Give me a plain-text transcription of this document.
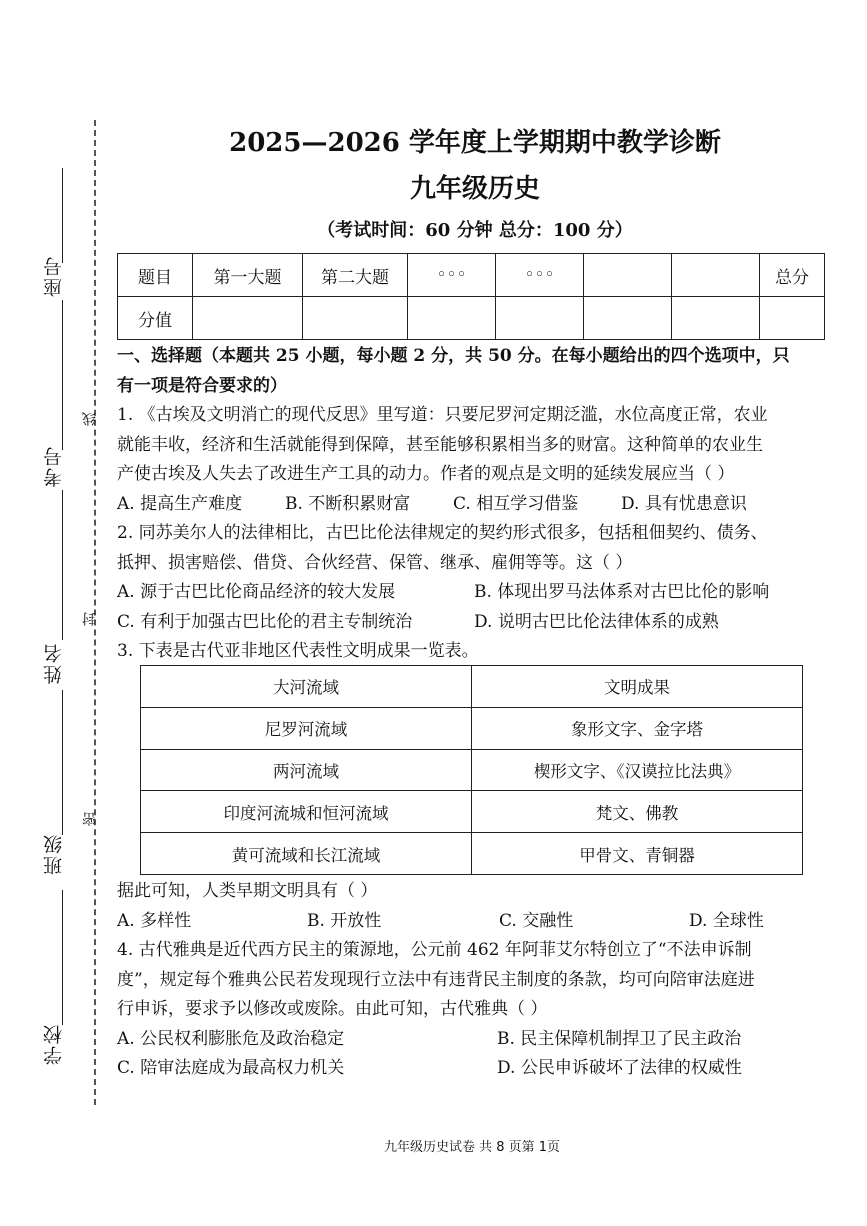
座号
考号
线
姓名
封
班级
密
学校
2025—2026 学年度上学期期中教学诊断
九年级历史
（考试时间：60 分钟 总分：100 分）
题目	第一大题	第二大题	◦◦◦	◦◦◦			总分
分值							
一、选择题（本题共 25 小题，每小题 2 分，共 50 分。在每小题给出的四个选项中，只
有一项是符合要求的）
1. 《古埃及文明消亡的现代反思》里写道：只要尼罗河定期泛滥，水位高度正常，农业
就能丰收，经济和生活就能得到保障，甚至能够积累相当多的财富。这种简单的农业生
产使古埃及人失去了改进生产工具的动力。作者的观点是文明的延续发展应当（ ）
A. 提高生产难度	B. 不断积累财富	C. 相互学习借鉴	D. 具有忧患意识
2. 同苏美尔人的法律相比，古巴比伦法律规定的契约形式很多，包括租佃契约、债务、
抵押、损害赔偿、借贷、合伙经营、保管、继承、雇佣等等。这（ ）
A. 源于古巴比伦商品经济的较大发展	B. 体现出罗马法体系对古巴比伦的影响
C. 有利于加强古巴比伦的君主专制统治	D. 说明古巴比伦法律体系的成熟
3. 下表是古代亚非地区代表性文明成果一览表。
大河流域	文明成果
尼罗河流域	象形文字、金字塔
两河流域	楔形文字、《汉谟拉比法典》
印度河流城和恒河流域	梵文、佛教
黄可流域和长江流域	甲骨文、青铜器
据此可知，人类早期文明具有（ ）
A. 多样性	B. 开放性	C. 交融性	D. 全球性
4. 古代雅典是近代西方民主的策源地，公元前 462 年阿菲艾尔特创立了“不法申诉制
度”，规定每个雅典公民若发现现行立法中有违背民主制度的条款，均可向陪审法庭进
行申诉，要求予以修改或废除。由此可知，古代雅典（ ）
A. 公民权利膨胀危及政治稳定	B. 民主保障机制捍卫了民主政治
C. 陪审法庭成为最高权力机关	D. 公民申诉破坏了法律的权威性
九年级历史试卷 共 8 页第 1页
